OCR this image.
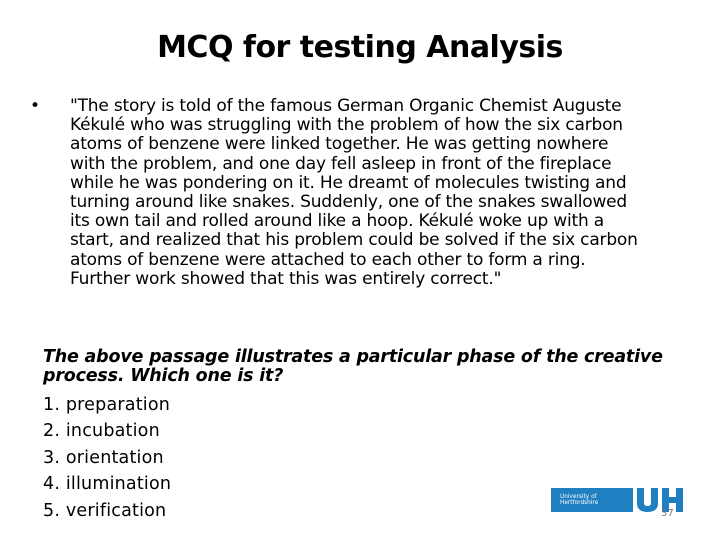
MCQ for testing Analysis
• "The story is told of the famous German Organic Chemist Auguste
Kékulé who was struggling with the problem of how the six carbon
atoms of benzene were linked together. He was getting nowhere
with the problem, and one day fell asleep in front of the fireplace
while he was pondering on it. He dreamt of molecules twisting and
turning around like snakes. Suddenly, one of the snakes swallowed
its own tail and rolled around like a hoop. Kékulé woke up with a
start, and realized that his problem could be solved if the six carbon
atoms of benzene were attached to each other to form a ring.
Further work showed that this was entirely correct."
The above passage illustrates a particular phase of the creative
process. Which one is it?
1. preparation
2. incubation
3. orientation
4. illumination
5. verification
University of
Hertfordshire
37
